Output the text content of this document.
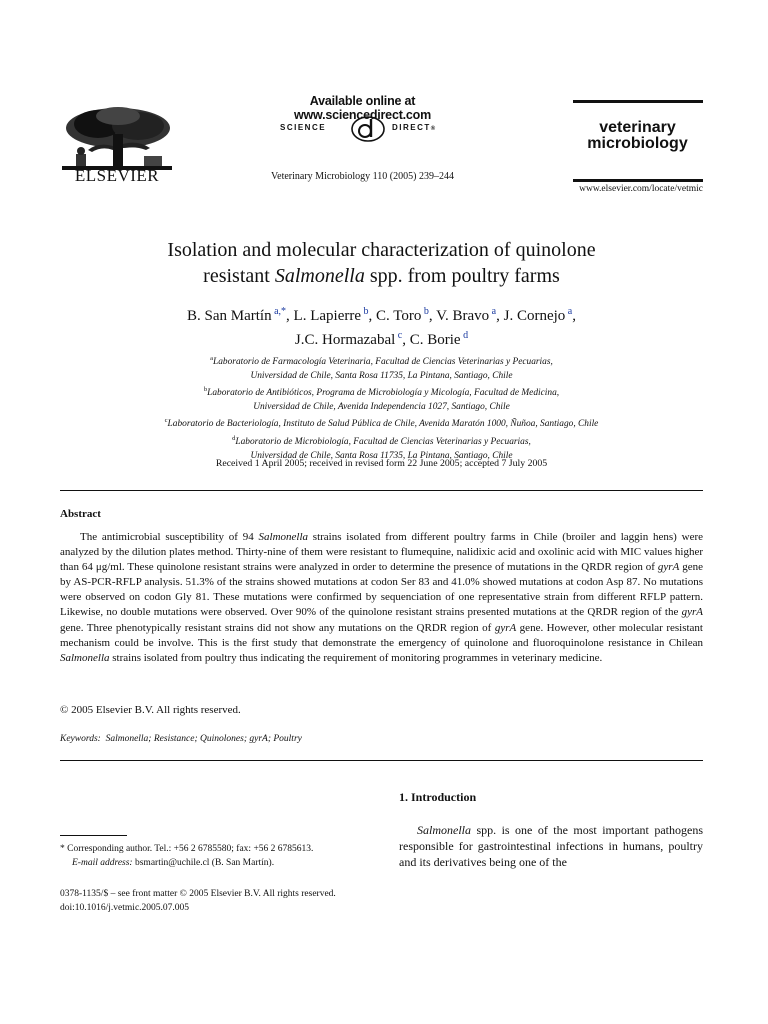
ELSEVIER
Available online at www.sciencedirect.com
SCIENCE	DIRECT®
Veterinary Microbiology 110 (2005) 239–244
veterinary
microbiology
www.elsevier.com/locate/vetmic
Isolation and molecular characterization of quinolone
resistant Salmonella spp. from poultry farms
B. San Martín $^{a,*}$, L. Lapierre $^b$, C. Toro $^b$, V. Bravo $^a$, J. Cornejo $^a$,
J.C. Hormazabal $^c$, C. Borie $^d$
$^a$Laboratorio de Farmacología Veterinaria, Facultad de Ciencias Veterinarias y Pecuarias,
Universidad de Chile, Santa Rosa 11735, La Pintana, Santiago, Chile
$^b$Laboratorio de Antibióticos, Programa de Microbiología y Micología, Facultad de Medicina,
Universidad de Chile, Avenida Independencia 1027, Santiago, Chile
$^c$Laboratorio de Bacteriología, Instituto de Salud Pública de Chile, Avenida Maratón 1000, Ñuñoa, Santiago, Chile
$^d$Laboratorio de Microbiología, Facultad de Ciencias Veterinarias y Pecuarias,
Universidad de Chile, Santa Rosa 11735, La Pintana, Santiago, Chile
Received 1 April 2005; received in revised form 22 June 2005; accepted 7 July 2005
Abstract

The antimicrobial susceptibility of 94 Salmonella strains isolated from different poultry farms in Chile (broiler and laggin hens) were analyzed by the dilution plates method. Thirty-nine of them were resistant to flumequine, nalidixic acid and oxolinic acid with MIC values higher than 64 μg/ml. These quinolone resistant strains were analyzed in order to determine the presence of mutations in the QRDR region of gyrA gene by AS-PCR-RFLP analysis. 51.3% of the strains showed mutations at codon Ser 83 and 41.0% showed mutations at codon Asp 87. No mutations were observed on codon Gly 81. These mutations were confirmed by sequenciation of one representative strain from different RFLP pattern. Likewise, no double mutations were observed. Over 90% of the quinolone resistant strains presented mutations at the QRDR region of the gyrA gene. Three phenotypically resistant strains did not show any mutations on the QRDR region of gyrA gene. However, other molecular resistant mechanism could be involve. This is the first study that demonstrate the emergency of quinolone and fluoroquinolone resistance in Chilean Salmonella strains isolated from poultry thus indicating the requirement of monitoring programmes in veterinary medicine.

© 2005 Elsevier B.V. All rights reserved.
Keywords: Salmonella; Resistance; Quinolones; gyrA; Poultry
1. Introduction

Salmonella spp. is one of the most important pathogens responsible for gastrointestinal infections in humans, poultry and its derivatives being one of the

* Corresponding author. Tel.: +56 2 6785580; fax: +56 2 6785613.
E-mail address: bsmartin@uchile.cl (B. San Martín).
0378-1135/$ – see front matter © 2005 Elsevier B.V. All rights reserved.
doi:10.1016/j.vetmic.2005.07.005
